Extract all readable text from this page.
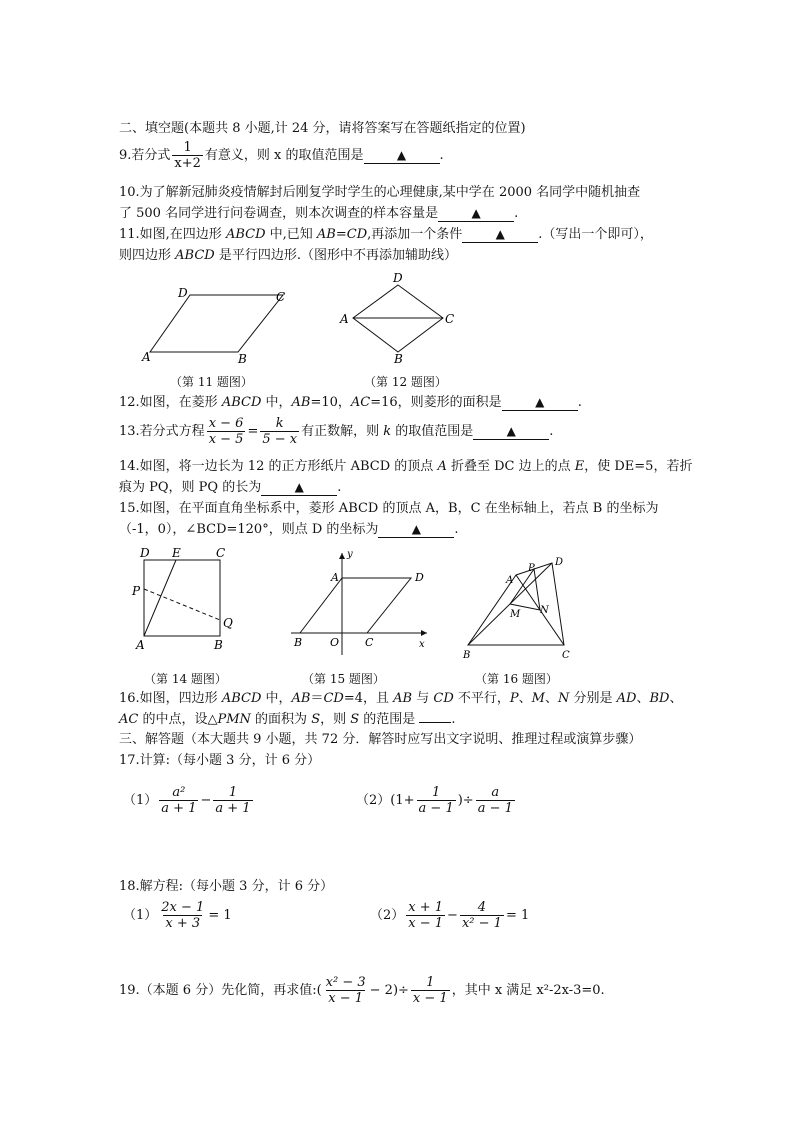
二、填空题(本题共 8 小题,计 24 分，请将答案写在答题纸指定的位置)
9.若分式 $\frac{1}{x+2}$ 有意义，则 x 的取值范围是	▲	.
10.为了解新冠肺炎疫情解封后刚复学时学生的心理健康,某中学在 2000 名同学中随机抽查
了 500 名同学进行问卷调查，则本次调查的样本容量是	▲	.
11.如图,在四边形 ABCD 中,已知 AB=CD,再添加一个条件	▲	.（写出一个即可），
则四边形 ABCD 是平行四边形.（图形中不再添加辅助线）
D	C
A	B
（第 11 题图）
D
A	C
B
（第 12 题图）
12.如图，在菱形 ABCD 中，AB=10，AC=16，则菱形的面积是	▲	.
13.若分式方程 $\frac{x - 6}{x - 5} = \frac{k}{5 - x}$ 有正数解，则 k 的取值范围是	▲	.
14.如图，将一边长为 12 的正方形纸片 ABCD 的顶点 A 折叠至 DC 边上的点 E，使 DE=5，若折
痕为 PQ，则 PQ 的长为	▲	.
15.如图，在平面直角坐标系中，菱形 ABCD 的顶点 A，B，C 在坐标轴上，若点 B 的坐标为
（-1，0），∠BCD=120°，则点 D 的坐标为	▲	.
D E	C
P
Q
A	B
（第 14 题图）
y
A	D
B	O C	x
（第 15 题图）
A
P
D
M N
B	C
（第 16 题图）
16.如图，四边形 ABCD 中，AB＝CD=4，且 AB 与 CD 不平行，P、M、N 分别是 AD、BD、
AC 的中点，设△PMN 的面积为 S，则 S 的范围是 .
三、解答题（本大题共 9 小题，共 72 分．解答时应写出文字说明、推理过程或演算步骤）
17.计算:（每小题 3 分，计 6 分）
$(1) \frac{\text{a²}}{a + 1} - \frac{1}{a + 1}$	$(2)(1+ \frac{1}{a - 1}$ )÷ $\frac{a}{a - 1}$
18.解方程:（每小题 3 分，计 6 分）
$(1) \frac{2x - 1}{x + 3} = 1$	$(2) \frac{x + 1}{x - 1} - \frac{4}{\text{x² − 1}} = 1$
19.（本题 6 分）先化简，再求值:( $\frac{\text{x² − 3}}{x - 1} - 2)\div \frac{1}{x - 1}$ ，其中 x 满足 x²-2x-3=0.
